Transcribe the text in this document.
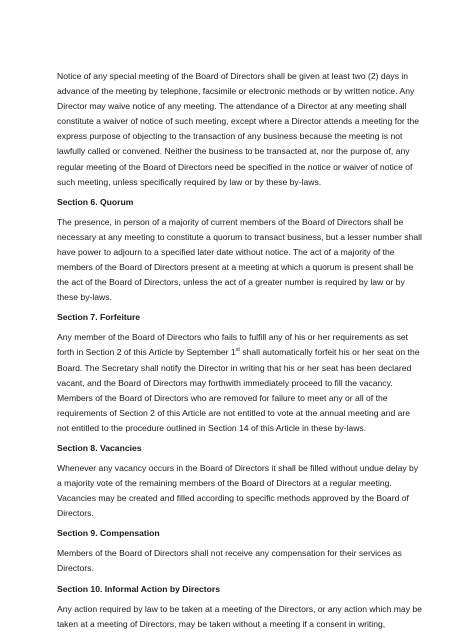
Notice of any special meeting of the Board of Directors shall be given at least two (2) days in advance of the meeting by telephone, facsimile or electronic methods or by written notice. Any Director may waive notice of any meeting. The attendance of a Director at any meeting shall constitute a waiver of notice of such meeting, except where a Director attends a meeting for the express purpose of objecting to the transaction of any business because the meeting is not lawfully called or convened. Neither the business to be transacted at, nor the purpose of, any regular meeting of the Board of Directors need be specified in the notice or waiver of notice of such meeting, unless specifically required by law or by these by-laws.

Section 6. Quorum

The presence, in person of a majority of current members of the Board of Directors shall be necessary at any meeting to constitute a quorum to transact business, but a lesser number shall have power to adjourn to a specified later date without notice. The act of a majority of the members of the Board of Directors present at a meeting at which a quorum is present shall be the act of the Board of Directors, unless the act of a greater number is required by law or by these by-laws.

Section 7. Forfeiture

Any member of the Board of Directors who fails to fulfill any of his or her requirements as set forth in Section 2 of this Article by September 1st shall automatically forfeit his or her seat on the Board. The Secretary shall notify the Director in writing that his or her seat has been declared vacant, and the Board of Directors may forthwith immediately proceed to fill the vacancy. Members of the Board of Directors who are removed for failure to meet any or all of the requirements of Section 2 of this Article are not entitled to vote at the annual meeting and are not entitled to the procedure outlined in Section 14 of this Article in these by-laws.

Section 8. Vacancies

Whenever any vacancy occurs in the Board of Directors it shall be filled without undue delay by a majority vote of the remaining members of the Board of Directors at a regular meeting. Vacancies may be created and filled according to specific methods approved by the Board of Directors.

Section 9. Compensation

Members of the Board of Directors shall not receive any compensation for their services as Directors.

Section 10. Informal Action by Directors

Any action required by law to be taken at a meeting of the Directors, or any action which may be taken at a meeting of Directors, may be taken without a meeting if a consent in writing,
